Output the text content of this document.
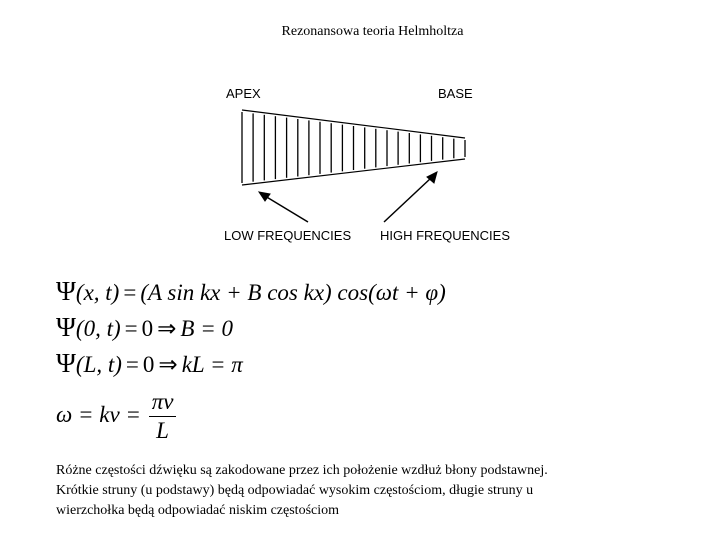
Rezonansowa teoria Helmholtza
APEX	BASE
LOW FREQUENCIES HIGH FREQUENCIES
Ψ(x, t) = (A sin kx + B cos kx) cos(ωt + φ)
Ψ(0, t) = 0 ⇒ B = 0
Ψ(L, t) = 0 ⇒ kL = π
ω = kv = $\frac{\pi v}{L}$
Różne częstości dźwięku są zakodowane przez ich położenie wzdłuż błony podstawnej.
Krótkie struny (u podstawy) będą odpowiadać wysokim częstościom, długie struny u
wierzchołka będą odpowiadać niskim częstościom
